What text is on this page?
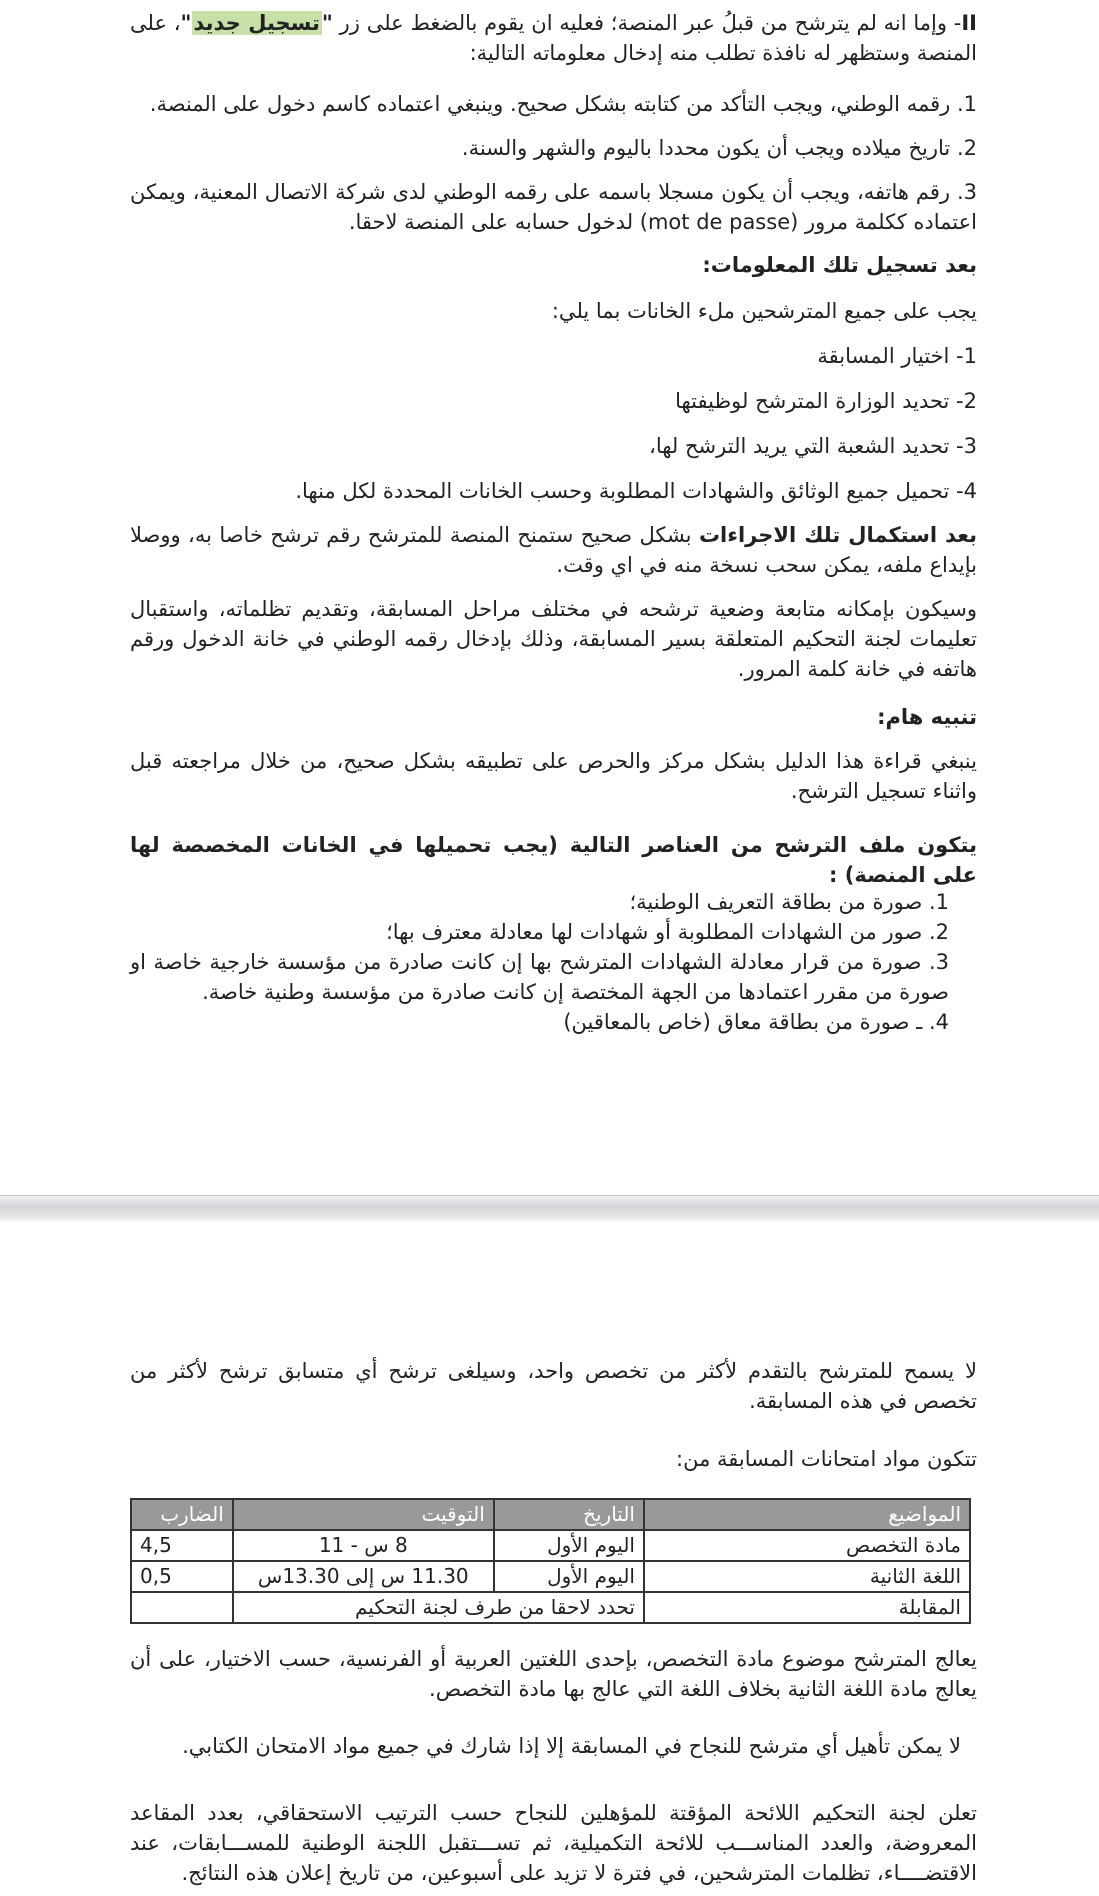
II- وإما انه لم يترشح من قبلُ عبر المنصة؛ فعليه ان يقوم بالضغط على زر "تسجيل جديد"، على المنصة وستظهر له نافذة تطلب منه إدخال معلوماته التالية:
1. رقمه الوطني، ويجب التأكد من كتابته بشكل صحيح. وينبغي اعتماده كاسم دخول على المنصة.
2. تاريخ ميلاده ويجب أن يكون محددا باليوم والشهر والسنة.
3. رقم هاتفه، ويجب أن يكون مسجلا باسمه على رقمه الوطني لدى شركة الاتصال المعنية، ويمكن اعتماده ككلمة مرور (mot de passe) لدخول حسابه على المنصة لاحقا.
بعد تسجيل تلك المعلومات:
يجب على جميع المترشحين ملء الخانات بما يلي:
1- اختيار المسابقة
2- تحديد الوزارة المترشح لوظيفتها
3- تحديد الشعبة التي يريد الترشح لها،
4- تحميل جميع الوثائق والشهادات المطلوبة وحسب الخانات المحددة لكل منها.
بعد استكمال تلك الاجراءات بشكل صحيح ستمنح المنصة للمترشح رقم ترشح خاصا به، ووصلا بإيداع ملفه، يمكن سحب نسخة منه في اي وقت.
وسيكون بإمكانه متابعة وضعية ترشحه في مختلف مراحل المسابقة، وتقديم تظلماته، واستقبال تعليمات لجنة التحكيم المتعلقة بسير المسابقة، وذلك بإدخال رقمه الوطني في خانة الدخول ورقم هاتفه في خانة كلمة المرور.
تنبيه هام:
ينبغي قراءة هذا الدليل بشكل مركز والحرص على تطبيقه بشكل صحيح، من خلال مراجعته قبل واثناء تسجيل الترشح.
يتكون ملف الترشح من العناصر التالية (يجب تحميلها في الخانات المخصصة لها على المنصة) :
1. صورة من بطاقة التعريف الوطنية؛
2. صور من الشهادات المطلوبة أو شهادات لها معادلة معترف بها؛
3. صورة من قرار معادلة الشهادات المترشح بها إن كانت صادرة من مؤسسة خارجية خاصة او صورة من مقرر اعتمادها من الجهة المختصة إن كانت صادرة من مؤسسة وطنية خاصة.
4. ـ صورة من بطاقة معاق (خاص بالمعاقين)
لا يسمح للمترشح بالتقدم لأكثر من تخصص واحد، وسيلغى ترشح أي متسابق ترشح لأكثر من تخصص في هذه المسابقة.
تتكون مواد امتحانات المسابقة من:
المواضيع	التاريخ	التوقيت	الضارب
مادة التخصص	اليوم الأول	8 س - 11	4,5
اللغة الثانية	اليوم الأول	11.30 س إلى 13.30س	0,5
المقابلة	تحدد لاحقا من طرف لجنة التحكيم		
يعالج المترشح موضوع مادة التخصص، بإحدى اللغتين العربية أو الفرنسية، حسب الاختيار، على أن يعالج مادة اللغة الثانية بخلاف اللغة التي عالج بها مادة التخصص.
لا يمكن تأهيل أي مترشح للنجاح في المسابقة إلا إذا شارك في جميع مواد الامتحان الكتابي.
تعلن لجنة التحكيم اللائحة المؤقتة للمؤهلين للنجاح حسب الترتيب الاستحقاقي، بعدد المقاعد المعروضة، والعدد المناســـب للائحة التكميلية، ثم تســـتقبل اللجنة الوطنية للمســـابقات، عند الاقتضــــاء، تظلمات المترشحين، في فترة لا تزيد على أسبوعين، من تاريخ إعلان هذه النتائج.
